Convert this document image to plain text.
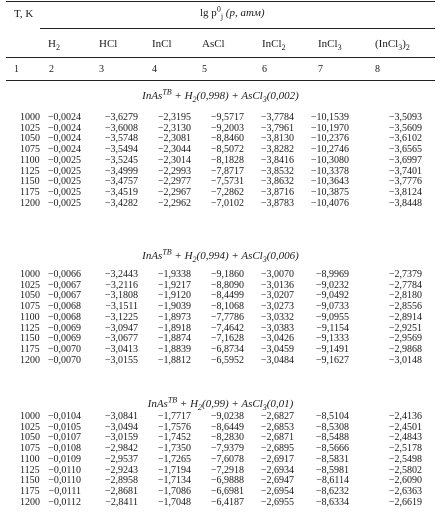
T, K	$\lg p^0_j$ (p, атм)
$H_2$	HCl	InCl	AsCl	InCl$_2$	InCl$_3$	$(InCl_3)_2$
1	2	3	4	5	6	7	8
InAs$^{ТВ}$ + $H_2(0,998)$ + AsCl$_3$(0,002)
1000 −0,0024 −3,6279 −2,3195 −9,5717 −3,7784 −10,1539	−3,5093
1025 −0,0024 −3,6008 −2,3130 −9,2003 −3,7961 −10,1970	−3,5609
1050 −0,0024 −3,5748 −2,3081 −8,8460 −3,8130 −10,2376	−3,6102
1075 −0,0024 −3,5494 −2,3044 −8,5072 −3,8282 −10,2746	−3,6565
1100 −0,0025 −3,5245 −2,3014 −8,1828 −3,8416 −10,3080	−3,6997
1125 −0,0025 −3,4999 −2,2993 −7,8717 −3,8532 −10,3378	−3,7401
1150 −0,0025 −3,4757 −2,2977 −7,5731 −3,8632 −10,3643	−3,7776
1175 −0,0025 −3,4519 −2,2967 −7,2862 −3,8716 −10,3875	−3,8124
1200 −0,0025 −3,4282 −2,2962 −7,0102 −3,8783 −10,4076	−3,8448
InAs$^{ТВ}$ + $H_2(0,994)$ + AsCl$_3$(0,006)
1000 −0,0066 −3,2443 −1,9338 −9,1860 −3,0070 −8,9969	−2,7379
1025 −0,0067 −3,2116 −1,9217 −8,8090 −3,0136 −9,0232	−2,7784
1050 −0,0067 −3,1808 −1,9120 −8,4499 −3,0207 −9,0492	−2,8180
1075 −0,0068 −3,1511 −1,9039 −8,1068 −3,0273 −9,0733	−2,8556
1100 −0,0068 −3,1225 −1,8973 −7,7786 −3,0332 −9,0955	−2,8914
1125 −0,0069 −3,0947 −1,8918 −7,4642 −3,0383 −9,1154	−2,9251
1150 −0,0069 −3,0677 −1,8874 −7,1628 −3,0426 −9,1333	−2,9569
1175 −0,0070 −3,0413 −1,8839 −6,8734 −3,0459 −9,1491	−2,9868
1200 −0,0070 −3,0155 −1,8812 −6,5952 −3,0484 −9,1627	−3,0148
InAs$^{ТВ}$ + $H_2(0,99)$ + AsCl$_3$(0,01)
1000 −0,0104 −3,0841 −1,7717 −9,0238 −2,6827 −8,5104	−2,4136
1025 −0,0105 −3,0494 −1,7576 −8,6449 −2,6853 −8,5308	−2,4501
1050 −0,0107 −3,0159 −1,7452 −8,2830 −2,6871 −8,5488	−2,4843
1075 −0,0108 −2,9842 −1,7350 −7,9379 −2,6895 −8,5666	−2,5178
1100 −0,0109 −2,9537 −1,7265 −7,6078 −2,6917 −8,5831	−2,5498
1125 −0,0110 −2,9243 −1,7194 −7,2918 −2,6934 −8,5981	−2,5802
1150 −0,0110 −2,8958 −1,7134 −6,9888 −2,6947 −8,6114	−2,6090
1175 −0,0111 −2,8681 −1,7086 −6,6981 −2,6954 −8,6232	−2,6363
1200 −0,0112 −2,8411 −1,7048 −6,4187 −2,6955 −8,6334	−2,6619
